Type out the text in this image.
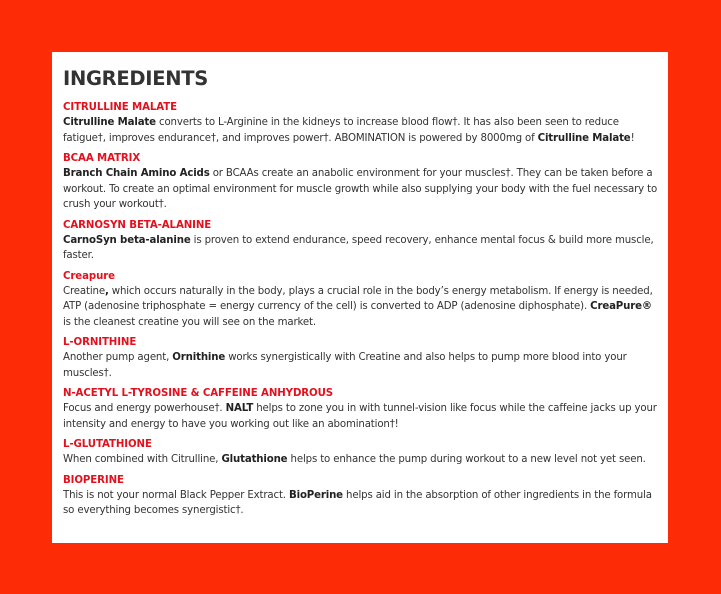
INGREDIENTS
CITRULLINE MALATE
Citrulline Malate converts to L-Arginine in the kidneys to increase blood flow†. It has also been seen to reduce fatigue†, improves endurance†, and improves power†. ABOMINATION is powered by 8000mg of Citrulline Malate!
BCAA MATRIX
Branch Chain Amino Acids or BCAAs create an anabolic environment for your muscles†. They can be taken before a workout. To create an optimal environment for muscle growth while also supplying your body with the fuel necessary to crush your workout†.
CARNOSYN BETA-ALANINE
CarnoSyn beta-alanine is proven to extend endurance, speed recovery, enhance mental focus & build more muscle, faster.
Creapure
Creatine, which occurs naturally in the body, plays a crucial role in the body’s energy metabolism. If energy is needed, ATP (adenosine triphosphate = energy currency of the cell) is converted to ADP (adenosine diphosphate). CreaPure® is the cleanest creatine you will see on the market.
L-ORNITHINE
Another pump agent, Ornithine works synergistically with Creatine and also helps to pump more blood into your muscles†.
N-ACETYL L-TYROSINE & CAFFEINE ANHYDROUS
Focus and energy powerhouse†. NALT helps to zone you in with tunnel-vision like focus while the caffeine jacks up your intensity and energy to have you working out like an abomination†!
L-GLUTATHIONE
When combined with Citrulline, Glutathione helps to enhance the pump during workout to a new level not yet seen.
BIOPERINE
This is not your normal Black Pepper Extract. BioPerine helps aid in the absorption of other ingredients in the formula so everything becomes synergistic†.
